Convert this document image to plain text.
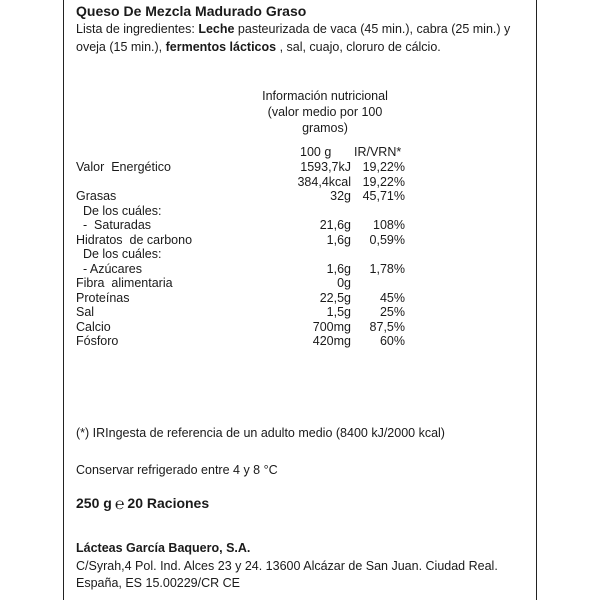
Queso De Mezcla Madurado Graso
Lista de ingredientes: Leche pasteurizada de vaca (45 min.), cabra (25 min.) y oveja (15 min.), fermentos lácticos , sal, cuajo, cloruro de cálcio.
Información nutricional (valor medio por 100 gramos)
100 g IR/VRN*
Valor  Energético	1593,7kJ 19,22%
384,4kcal 19,22%
Grasas	32g 45,71%
De los cuáles:
-  Saturadas	21,6g 108%
Hidratos  de carbono	1,6g 0,59%
De los cuáles:
- Azúcares	1,6g 1,78%
Fibra  alimentaria	0g
Proteínas	22,5g 45%
Sal	1,5g 25%
Calcio	700mg 87,5%
Fósforo	420mg 60%
(*) IRIngesta de referencia de un adulto medio (8400 kJ/2000 kcal)
Conservar refrigerado entre 4 y 8 °C
250 g ℮ 20 Raciones
Lácteas García Baquero, S.A.
C/Syrah,4 Pol. Ind. Alces 23 y 24. 13600 Alcázar de San Juan. Ciudad Real. España, ES 15.00229/CR CE
